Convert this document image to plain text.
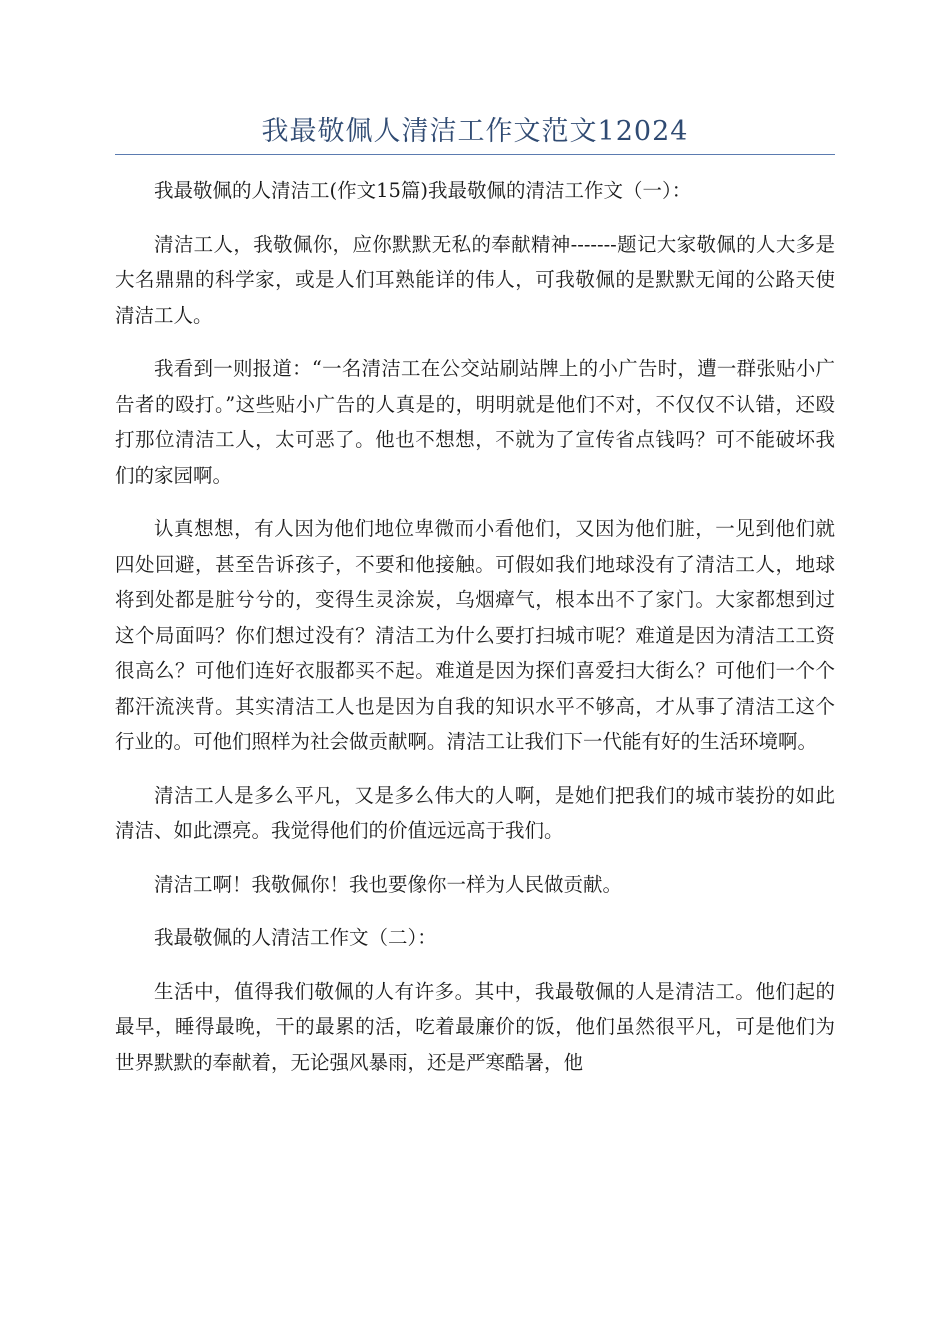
我最敬佩人清洁工作文范文12024

我最敬佩的人清洁工(作文15篇)我最敬佩的清洁工作文（一）：

清洁工人，我敬佩你，应你默默无私的奉献精神-------题记大家敬佩的人大多是大名鼎鼎的科学家，或是人们耳熟能详的伟人，可我敬佩的是默默无闻的公路天使清洁工人。

我看到一则报道：“一名清洁工在公交站刷站牌上的小广告时，遭一群张贴小广告者的殴打。”这些贴小广告的人真是的，明明就是他们不对，不仅仅不认错，还殴打那位清洁工人，太可恶了。他也不想想，不就为了宣传省点钱吗？可不能破坏我们的家园啊。

认真想想，有人因为他们地位卑微而小看他们，又因为他们脏，一见到他们就四处回避，甚至告诉孩子，不要和他接触。可假如我们地球没有了清洁工人，地球将到处都是脏兮兮的，变得生灵涂炭，乌烟瘴气，根本出不了家门。大家都想到过这个局面吗？你们想过没有？清洁工为什么要打扫城市呢？难道是因为清洁工工资很高么？可他们连好衣服都买不起。难道是因为探们喜爱扫大街么？可他们一个个都汗流浃背。其实清洁工人也是因为自我的知识水平不够高，才从事了清洁工这个行业的。可他们照样为社会做贡献啊。清洁工让我们下一代能有好的生活环境啊。

清洁工人是多么平凡，又是多么伟大的人啊，是她们把我们的城市装扮的如此清洁、如此漂亮。我觉得他们的价值远远高于我们。

清洁工啊！我敬佩你！我也要像你一样为人民做贡献。

我最敬佩的人清洁工作文（二）：

生活中，值得我们敬佩的人有许多。其中，我最敬佩的人是清洁工。他们起的最早，睡得最晚，干的最累的活，吃着最廉价的饭，他们虽然很平凡，可是他们为世界默默的奉献着，无论强风暴雨，还是严寒酷暑，他
